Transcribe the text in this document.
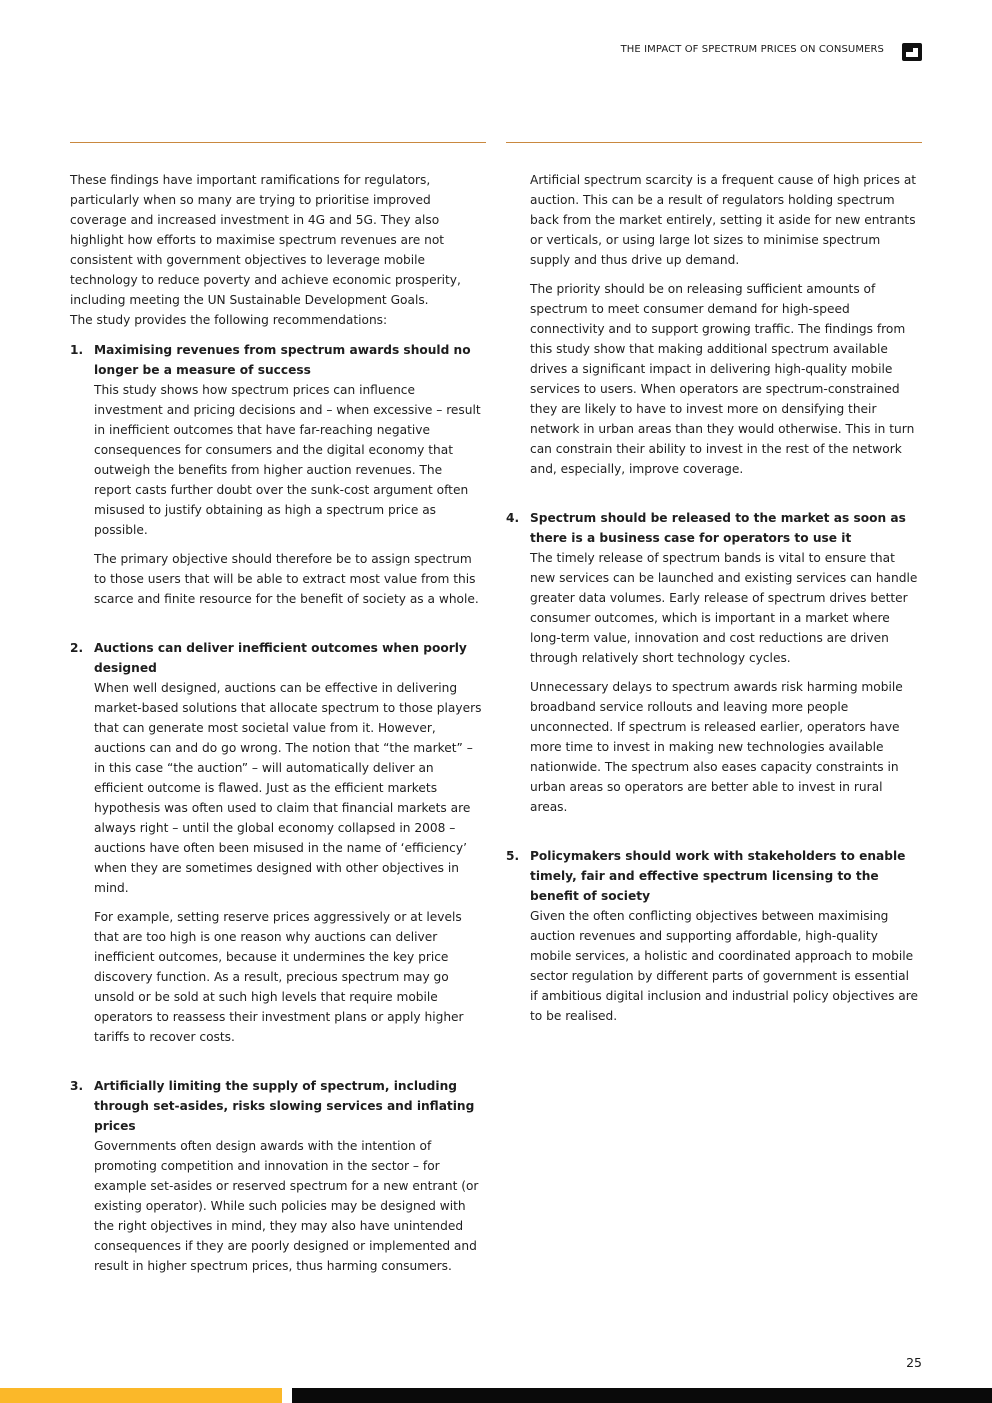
THE IMPACT OF SPECTRUM PRICES ON CONSUMERS

These findings have important ramifications for regulators, particularly when so many are trying to prioritise improved coverage and increased investment in 4G and 5G. They also highlight how efforts to maximise spectrum revenues are not consistent with government objectives to leverage mobile technology to reduce poverty and achieve economic prosperity, including meeting the UN Sustainable Development Goals.

The study provides the following recommendations:

1. Maximising revenues from spectrum awards should no longer be a measure of success

This study shows how spectrum prices can influence investment and pricing decisions and – when excessive – result in inefficient outcomes that have far-reaching negative consequences for consumers and the digital economy that outweigh the benefits from higher auction revenues. The report casts further doubt over the sunk-cost argument often misused to justify obtaining as high a spectrum price as possible.

The primary objective should therefore be to assign spectrum to those users that will be able to extract most value from this scarce and finite resource for the benefit of society as a whole.

2. Auctions can deliver inefficient outcomes when poorly designed

When well designed, auctions can be effective in delivering market-based solutions that allocate spectrum to those players that can generate most societal value from it. However, auctions can and do go wrong. The notion that “the market” – in this case “the auction” – will automatically deliver an efficient outcome is flawed. Just as the efficient markets hypothesis was often used to claim that financial markets are always right – until the global economy collapsed in 2008 – auctions have often been misused in the name of ‘efficiency’ when they are sometimes designed with other objectives in mind.

For example, setting reserve prices aggressively or at levels that are too high is one reason why auctions can deliver inefficient outcomes, because it undermines the key price discovery function. As a result, precious spectrum may go unsold or be sold at such high levels that require mobile operators to reassess their investment plans or apply higher tariffs to recover costs.

3. Artificially limiting the supply of spectrum, including through set-asides, risks slowing services and inflating prices

Governments often design awards with the intention of promoting competition and innovation in the sector – for example set-asides or reserved spectrum for a new entrant (or existing operator). While such policies may be designed with the right objectives in mind, they may also have unintended consequences if they are poorly designed or implemented and result in higher spectrum prices, thus harming consumers.

Artificial spectrum scarcity is a frequent cause of high prices at auction. This can be a result of regulators holding spectrum back from the market entirely, setting it aside for new entrants or verticals, or using large lot sizes to minimise spectrum supply and thus drive up demand.

The priority should be on releasing sufficient amounts of spectrum to meet consumer demand for high-speed connectivity and to support growing traffic. The findings from this study show that making additional spectrum available drives a significant impact in delivering high-quality mobile services to users. When operators are spectrum-constrained they are likely to have to invest more on densifying their network in urban areas than they would otherwise. This in turn can constrain their ability to invest in the rest of the network and, especially, improve coverage.

4. Spectrum should be released to the market as soon as there is a business case for operators to use it

The timely release of spectrum bands is vital to ensure that new services can be launched and existing services can handle greater data volumes. Early release of spectrum drives better consumer outcomes, which is important in a market where long-term value, innovation and cost reductions are driven through relatively short technology cycles.

Unnecessary delays to spectrum awards risk harming mobile broadband service rollouts and leaving more people unconnected. If spectrum is released earlier, operators have more time to invest in making new technologies available nationwide. The spectrum also eases capacity constraints in urban areas so operators are better able to invest in rural areas.

5. Policymakers should work with stakeholders to enable timely, fair and effective spectrum licensing to the benefit of society

Given the often conflicting objectives between maximising auction revenues and supporting affordable, high-quality mobile services, a holistic and coordinated approach to mobile sector regulation by different parts of government is essential if ambitious digital inclusion and industrial policy objectives are to be realised.

25
